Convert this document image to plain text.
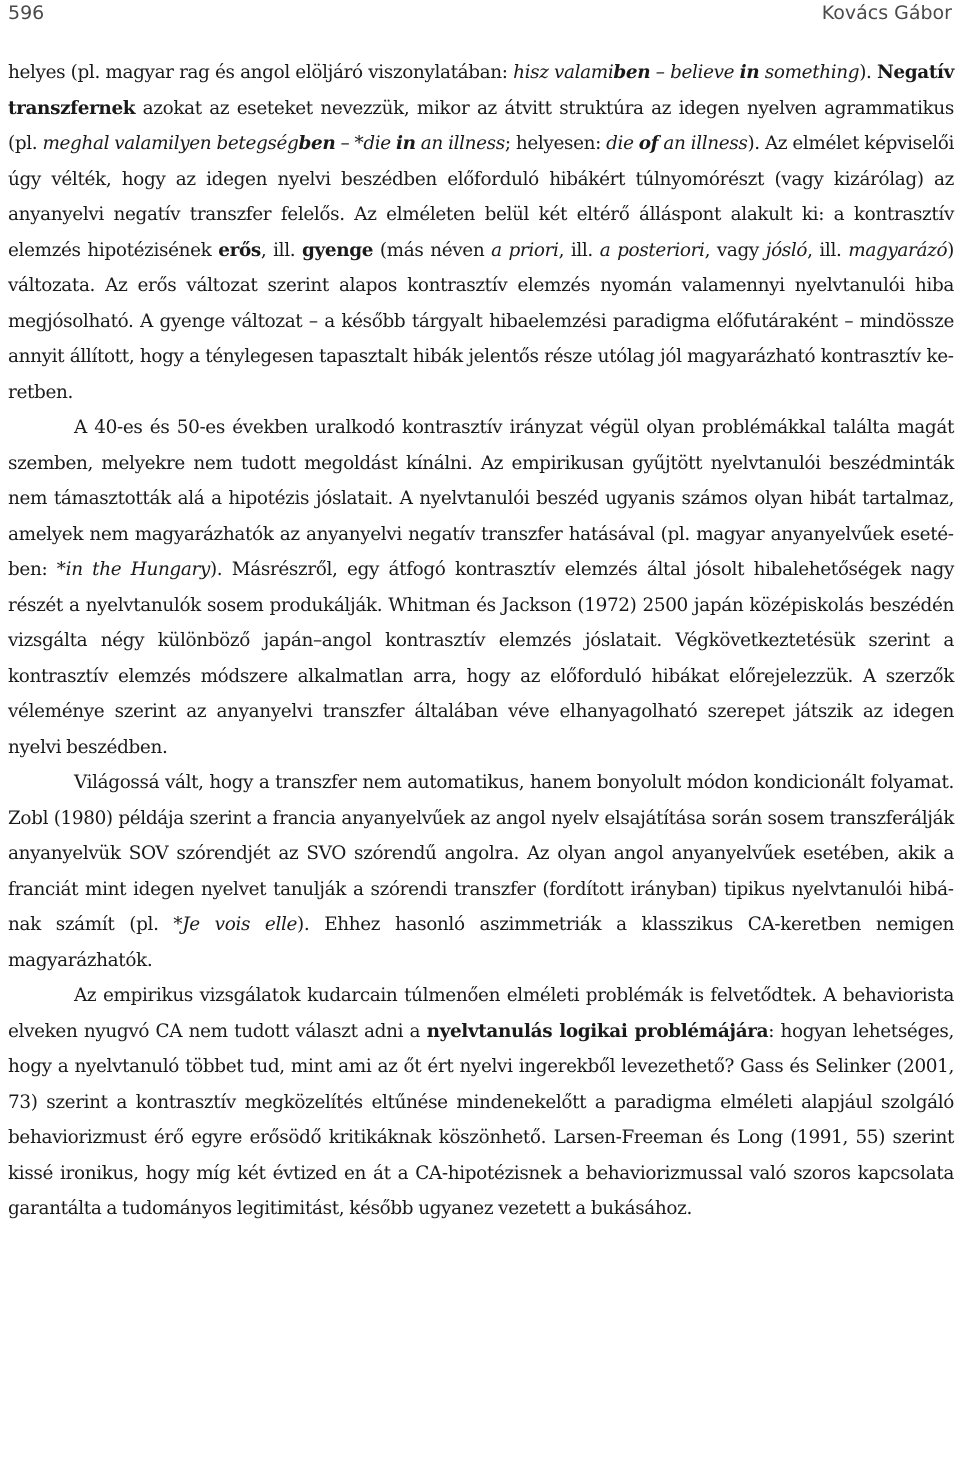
596	Kovács Gábor

helyes (pl. magyar rag és angol elöljáró viszonylatában: hisz valamiben – believe in something). Negatív transzfernek azokat az eseteket nevezzük, mikor az átvitt struktúra az idegen nyelven agrammatikus (pl. meghal valamilyen betegségben – *die in an illness; helyesen: die of an illness). Az elmélet képviselői úgy vélték, hogy az idegen nyelvi beszédben előforduló hibákért túlnyomórészt (vagy kizárólag) az anyanyelvi negatív transzfer felelős. Az elméleten belül két eltérő álláspont alakult ki: a kontrasztív elemzés hipotézisének erős, ill. gyenge (más néven a priori, ill. a posteriori, vagy jósló, ill. magyarázó) változata. Az erős változat szerint alapos kontrasztív elemzés nyomán valamennyi nyelvtanulói hiba megjósolható. A gyenge változat – a később tárgyalt hibaelemzési paradigma előfutáraként – mindössze annyit állított, hogy a ténylegesen tapasztalt hibák jelentős része utólag jól magyarázható kontrasztív keretben.

A 40-es és 50-es években uralkodó kontrasztív irányzat végül olyan problémákkal találta magát szemben, melyekre nem tudott megoldást kínálni. Az empirikusan gyűjtött nyelvtanulói beszédminták nem támasztották alá a hipotézis jóslatait. A nyelvtanulói beszéd ugyanis számos olyan hibát tartalmaz, amelyek nem magyarázhatók az anyanyelvi negatív transzfer hatásával (pl. magyar anyanyelvűek esetében: *in the Hungary). Másrészről, egy átfogó kontrasztív elemzés által jósolt hibalehetőségek nagy részét a nyelvtanulók sosem produkálják. Whitman és Jackson (1972) 2500 japán középiskolás beszédén vizsgálta négy különböző japán–angol kontrasztív elemzés jóslatait. Végkövetkeztetésük szerint a kontrasztív elemzés módszere alkalmatlan arra, hogy az előforduló hibákat előrejelezzük. A szerzők véleménye szerint az anyanyelvi transzfer általában véve elhanyagolható szerepet játszik az idegen nyelvi beszédben.

Világossá vált, hogy a transzfer nem automatikus, hanem bonyolult módon kondicionált folyamat. Zobl (1980) példája szerint a francia anyanyelvűek az angol nyelv elsajátítása során sosem transzferálják anyanyelvük SOV szórendjét az SVO szórendű angolra. Az olyan angol anyanyelvűek esetében, akik a franciát mint idegen nyelvet tanulják a szórendi transzfer (fordított irányban) tipikus nyelvtanulói hibának számít (pl. *Je vois elle). Ehhez hasonló aszimmetriák a klasszikus CA-keretben nemigen magyarázhatók.

Az empirikus vizsgálatok kudarcain túlmenően elméleti problémák is felvetődtek. A behaviorista elveken nyugvó CA nem tudott választ adni a nyelvtanulás logikai problémájára: hogyan lehetséges, hogy a nyelvtanuló többet tud, mint ami az őt ért nyelvi ingerekből levezethető? Gass és Selinker (2001, 73) szerint a kontrasztív megközelítés eltűnése mindenekelőtt a paradigma elméleti alapjául szolgáló behaviorizmust érő egyre erősödő kritikáknak köszönhető. Larsen-Freeman és Long (1991, 55) szerint kissé ironikus, hogy míg két évtized en át a CA-hipotézisnek a behaviorizmussal való szoros kapcsolata garantálta a tudományos legitimitást, később ugyanez vezetett a bukásához.
